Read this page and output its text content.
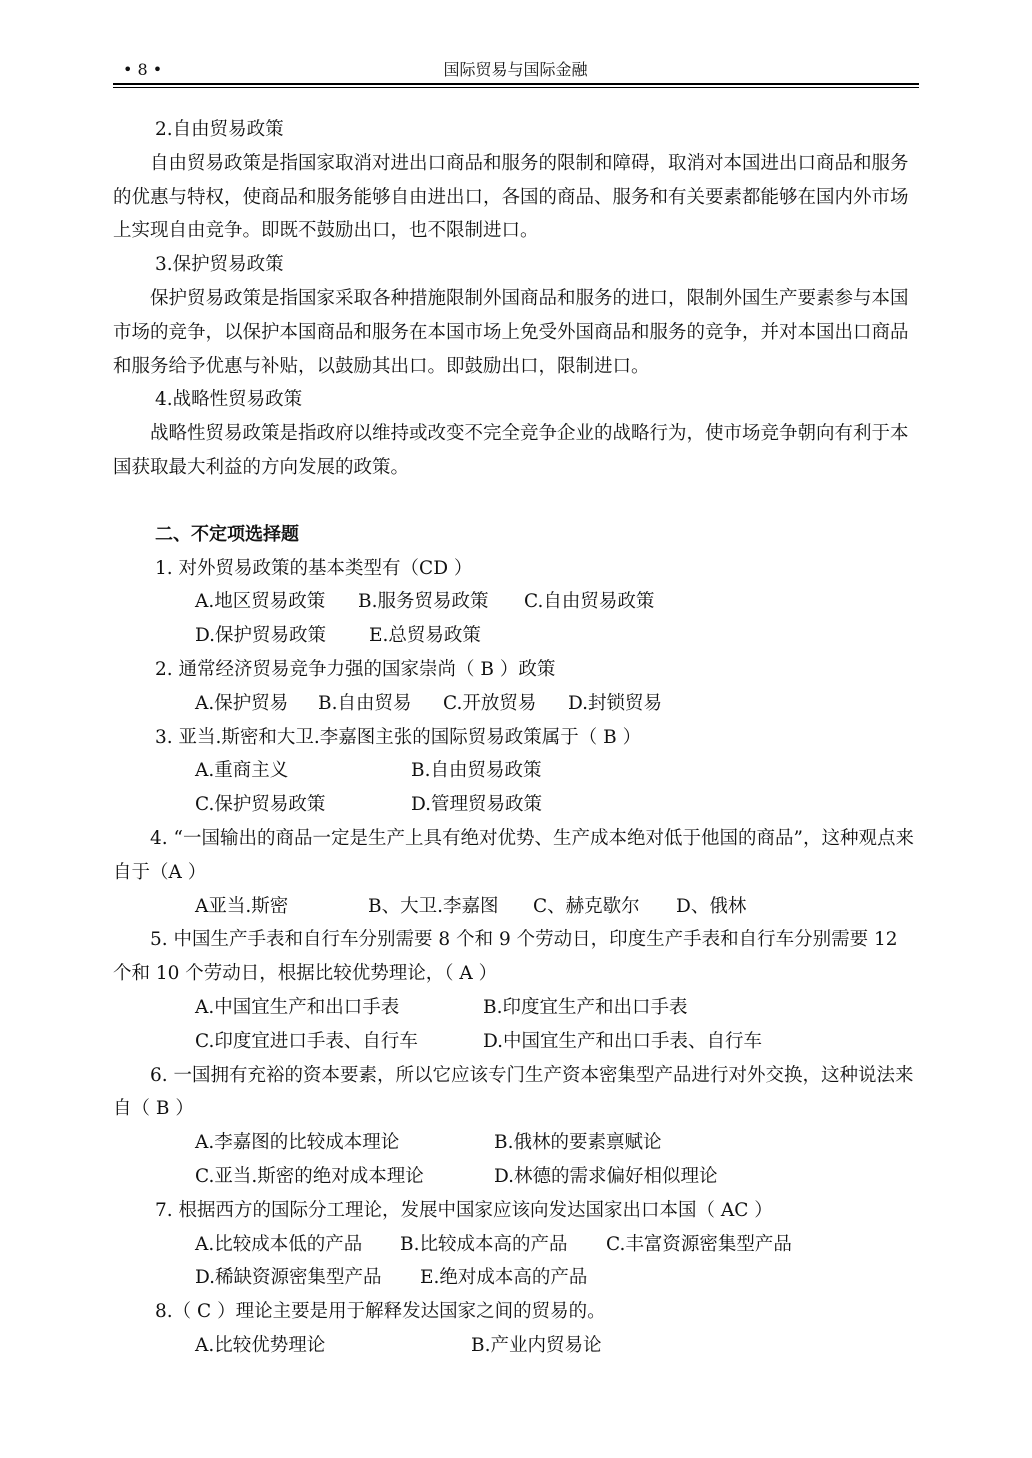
• 8 •	国际贸易与国际金融

2.自由贸易政策

自由贸易政策是指国家取消对进出口商品和服务的限制和障碍，取消对本国进出口商品和服务的优惠与特权，使商品和服务能够自由进出口，各国的商品、服务和有关要素都能够在国内外市场上实现自由竞争。即既不鼓励出口，也不限制进口。

3.保护贸易政策

保护贸易政策是指国家采取各种措施限制外国商品和服务的进口，限制外国生产要素参与本国市场的竞争，以保护本国商品和服务在本国市场上免受外国商品和服务的竞争，并对本国出口商品和服务给予优惠与补贴，以鼓励其出口。即鼓励出口，限制进口。

4.战略性贸易政策

战略性贸易政策是指政府以维持或改变不完全竞争企业的战略行为，使市场竞争朝向有利于本国获取最大利益的方向发展的政策。

二、不定项选择题

1. 对外贸易政策的基本类型有（CD ）

A.地区贸易政策 B.服务贸易政策 C.自由贸易政策

D.保护贸易政策 E.总贸易政策

2. 通常经济贸易竞争力强的国家崇尚（ B ）政策

A.保护贸易 B.自由贸易 C.开放贸易 D.封锁贸易

3. 亚当.斯密和大卫.李嘉图主张的国际贸易政策属于（ B ）

A.重商主义	B.自由贸易政策

C.保护贸易政策	D.管理贸易政策

4. “一国输出的商品一定是生产上具有绝对优势、生产成本绝对低于他国的商品”，这种观点来自于（A ）

A亚当.斯密	B、大卫.李嘉图 C、赫克歇尔 D、俄林

5. 中国生产手表和自行车分别需要 8 个和 9 个劳动日，印度生产手表和自行车分别需要 12 个和 10 个劳动日，根据比较优势理论，（ A ）

A.中国宜生产和出口手表	B.印度宜生产和出口手表

C.印度宜进口手表、自行车	D.中国宜生产和出口手表、自行车

6. 一国拥有充裕的资本要素，所以它应该专门生产资本密集型产品进行对外交换，这种说法来自（ B ）

A.李嘉图的比较成本理论	B.俄林的要素禀赋论

C.亚当.斯密的绝对成本理论	D.林德的需求偏好相似理论

7. 根据西方的国际分工理论，发展中国家应该向发达国家出口本国（ AC ）

A.比较成本低的产品 B.比较成本高的产品 C.丰富资源密集型产品

D.稀缺资源密集型产品 E.绝对成本高的产品

8.（ C ）理论主要是用于解释发达国家之间的贸易的。

A.比较优势理论	B.产业内贸易论
